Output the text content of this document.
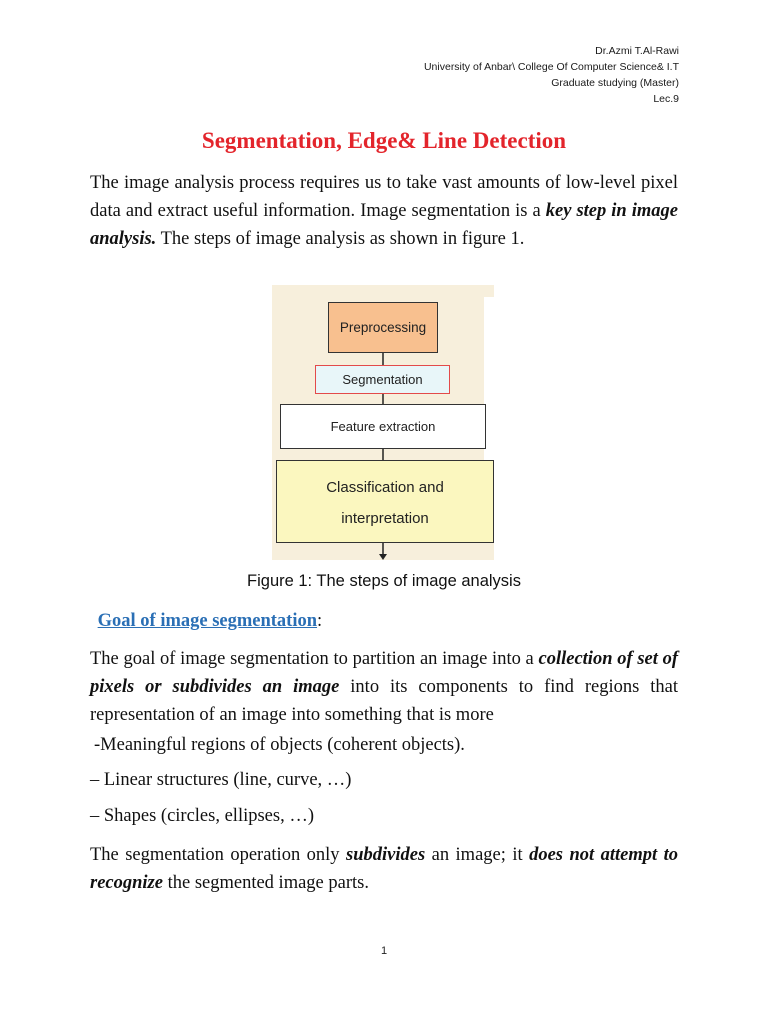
Dr.Azmi T.Al-Rawi
University of Anbar\ College Of Computer Science& I.T
Graduate studying (Master)
Lec.9
Segmentation, Edge& Line Detection

The image analysis process requires us to take vast amounts of low-level pixel data and extract useful information. Image segmentation is a key step in image analysis. The steps of image analysis as shown in figure 1.

Preprocessing
Segmentation
Feature extraction
Classification and
interpretation
Figure 1: The steps of image analysis
Goal of image segmentation:

The goal of image segmentation to partition an image into a collection of set of pixels or subdivides an image into its components to find regions that representation of an image into something that is more

-Meaningful regions of objects (coherent objects).
– Linear structures (line, curve, …)
– Shapes (circles, ellipses, …)

The segmentation operation only subdivides an image; it does not attempt to recognize the segmented image parts.

1
